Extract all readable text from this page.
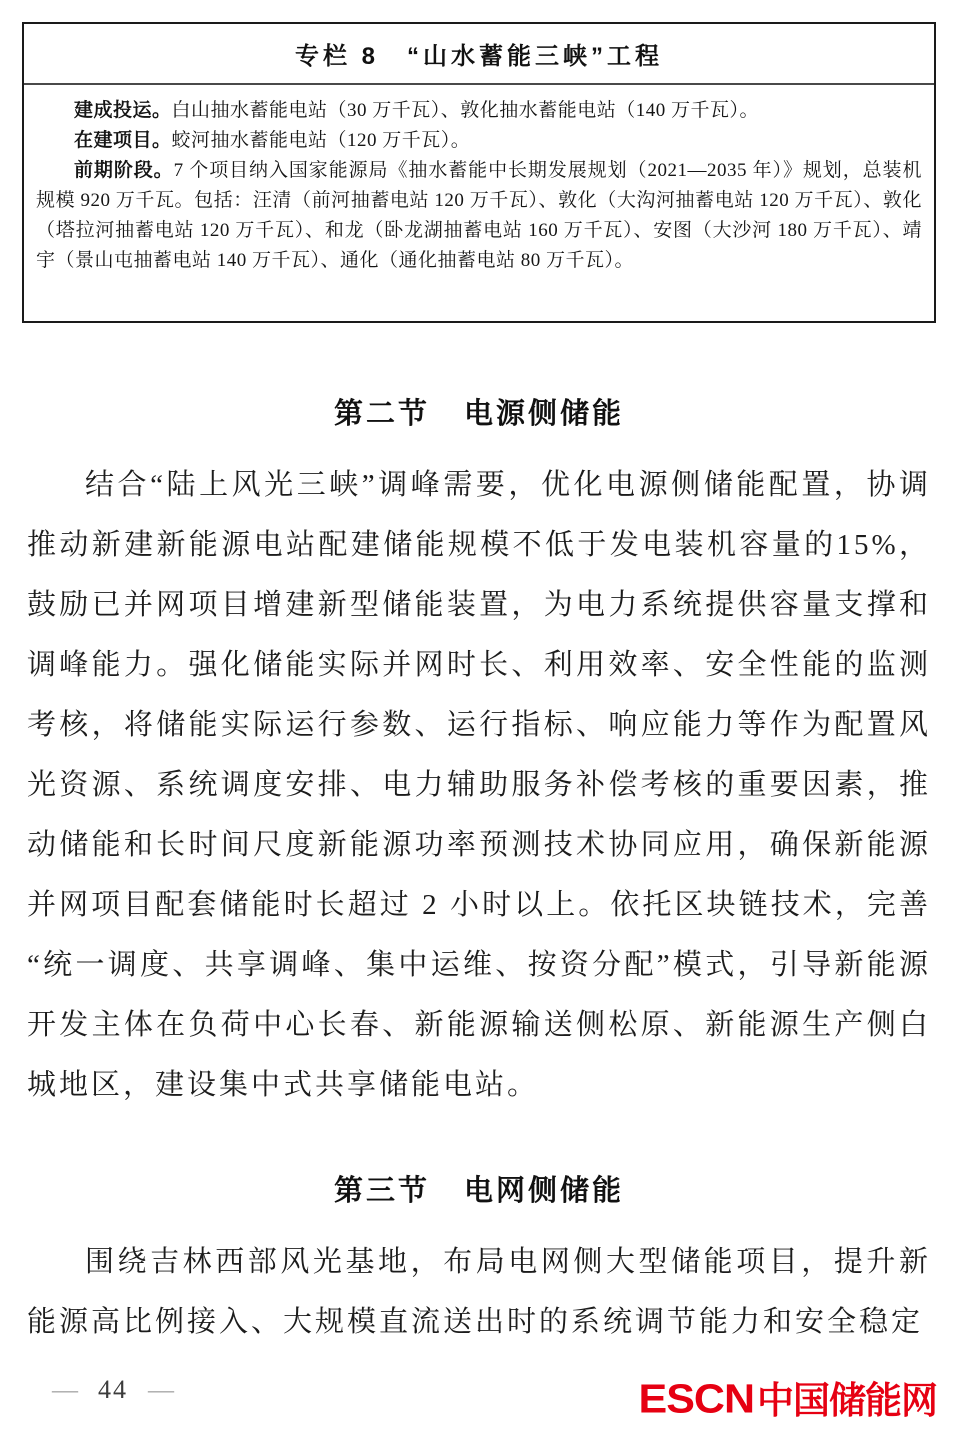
专栏 8　“山水蓄能三峡”工程

建成投运。白山抽水蓄能电站（30 万千瓦）、敦化抽水蓄能电站（140 万千瓦）。

在建项目。蛟河抽水蓄能电站（120 万千瓦）。

前期阶段。7 个项目纳入国家能源局《抽水蓄能中长期发展规划（2021—2035 年）》规划，总装机规模 920 万千瓦。包括：汪清（前河抽蓄电站 120 万千瓦）、敦化（大沟河抽蓄电站 120 万千瓦）、敦化（塔拉河抽蓄电站 120 万千瓦）、和龙（卧龙湖抽蓄电站 160 万千瓦）、安图（大沙河 180 万千瓦）、靖宇（景山屯抽蓄电站 140 万千瓦）、通化（通化抽蓄电站 80 万千瓦）。

第二节 电源侧储能

结合“陆上风光三峡”调峰需要，优化电源侧储能配置，协调推动新建新能源电站配建储能规模不低于发电装机容量的15%，鼓励已并网项目增建新型储能装置，为电力系统提供容量支撑和调峰能力。强化储能实际并网时长、利用效率、安全性能的监测考核，将储能实际运行参数、运行指标、响应能力等作为配置风光资源、系统调度安排、电力辅助服务补偿考核的重要因素，推动储能和长时间尺度新能源功率预测技术协同应用，确保新能源并网项目配套储能时长超过 2 小时以上。依托区块链技术，完善“统一调度、共享调峰、集中运维、按资分配”模式，引导新能源开发主体在负荷中心长春、新能源输送侧松原、新能源生产侧白城地区，建设集中式共享储能电站。

第三节 电网侧储能

围绕吉林西部风光基地，布局电网侧大型储能项目，提升新能源高比例接入、大规模直流送出时的系统调节能力和安全稳定

— 44 —	ESCN 中国储能网
